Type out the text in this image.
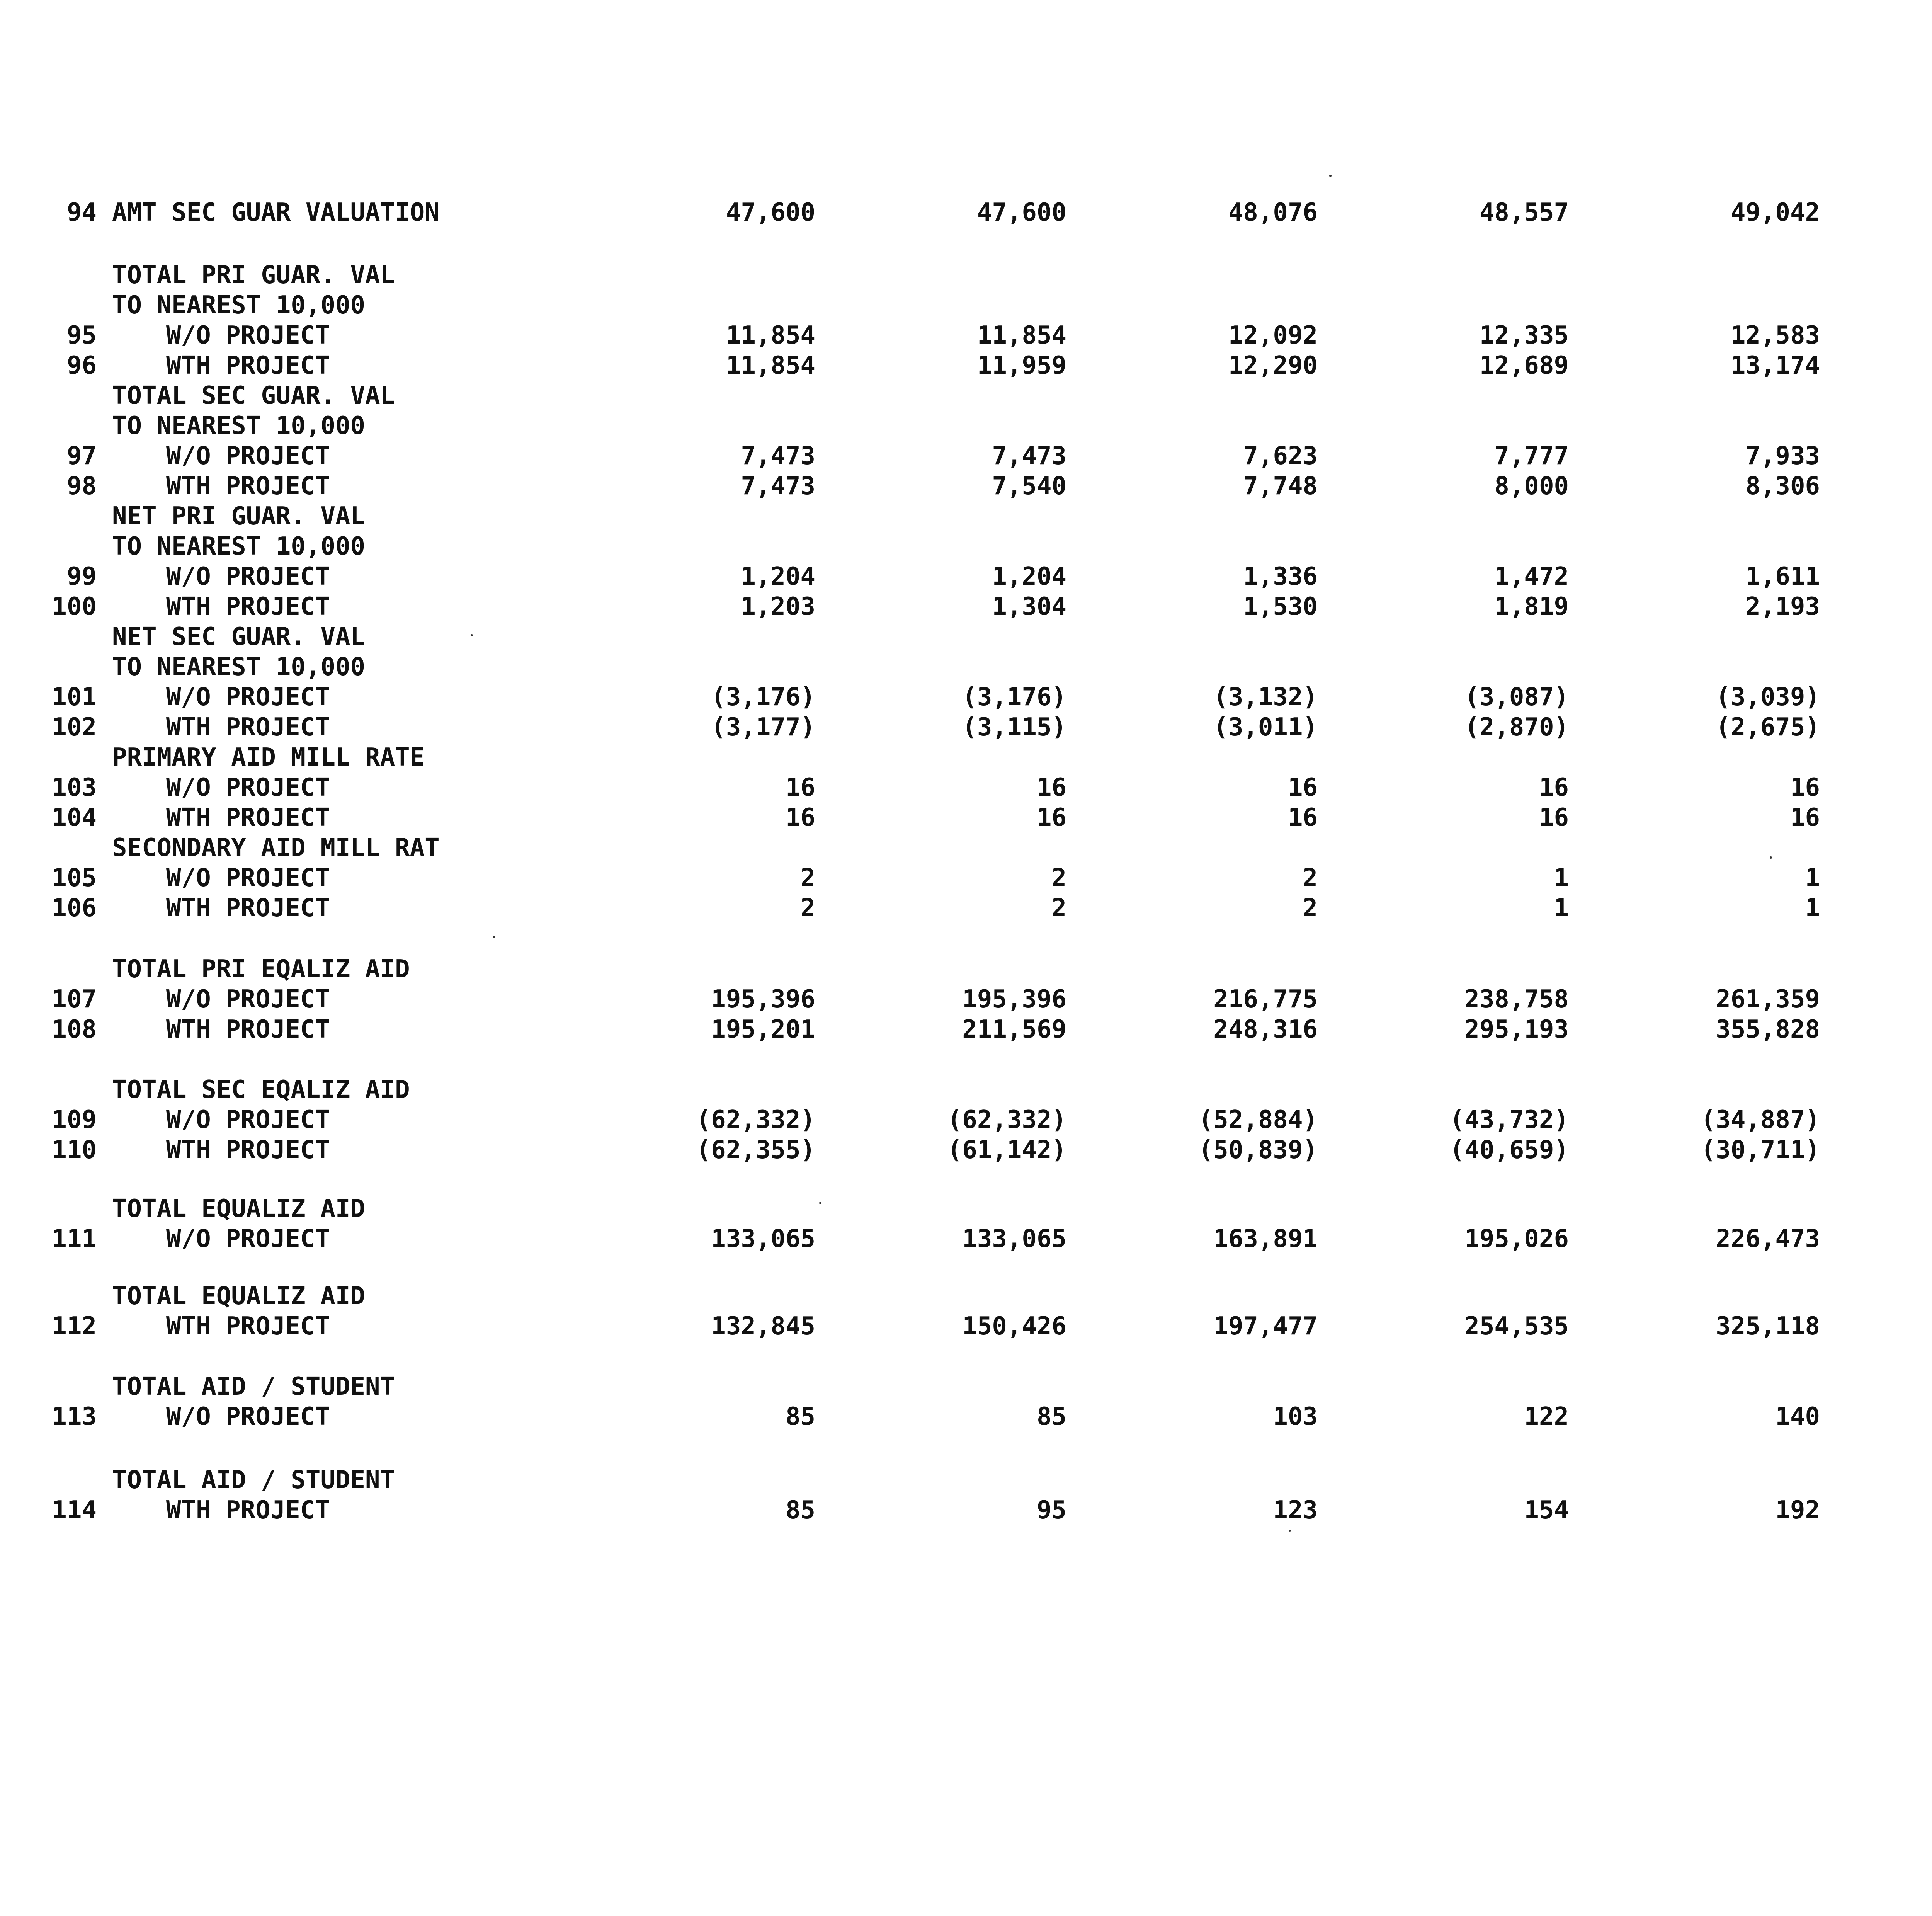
94 AMT SEC GUAR VALUATION	47,600	47,600	48,076	48,557	49,042
TOTAL PRI GUAR. VAL
TO NEAREST 10,000
95	W/O PROJECT	11,854	11,854	12,092	12,335	12,583
96	WTH PROJECT	11,854	11,959	12,290	12,689	13,174
TOTAL SEC GUAR. VAL
TO NEAREST 10,000
97	W/O PROJECT	7,473	7,473	7,623	7,777	7,933
98	WTH PROJECT	7,473	7,540	7,748	8,000	8,306
NET PRI GUAR. VAL
TO NEAREST 10,000
99	W/O PROJECT	1,204	1,204	1,336	1,472	1,611
100	WTH PROJECT	1,203	1,304	1,530	1,819	2,193
NET SEC GUAR. VAL
TO NEAREST 10,000
101	W/O PROJECT	(3,176)	(3,176)	(3,132)	(3,087)	(3,039)
102	WTH PROJECT	(3,177)	(3,115)	(3,011)	(2,870)	(2,675)
PRIMARY AID MILL RATE
103	W/O PROJECT	16	16	16	16	16
104	WTH PROJECT	16	16	16	16	16
SECONDARY AID MILL RAT
105	W/O PROJECT	2	2	2	1	1
106	WTH PROJECT	2	2	2	1	1
TOTAL PRI EQALIZ AID
107	W/O PROJECT	195,396	195,396	216,775	238,758	261,359
108	WTH PROJECT	195,201	211,569	248,316	295,193	355,828
TOTAL SEC EQALIZ AID
109	W/O PROJECT	(62,332)	(62,332)	(52,884)	(43,732)	(34,887)
110	WTH PROJECT	(62,355)	(61,142)	(50,839)	(40,659)	(30,711)
TOTAL EQUALIZ AID
111	W/O PROJECT	133,065	133,065	163,891	195,026	226,473
TOTAL EQUALIZ AID
112	WTH PROJECT	132,845	150,426	197,477	254,535	325,118
TOTAL AID / STUDENT
113	W/O PROJECT	85	85	103	122	140
TOTAL AID / STUDENT
114	WTH PROJECT	85	95	123	154	192
